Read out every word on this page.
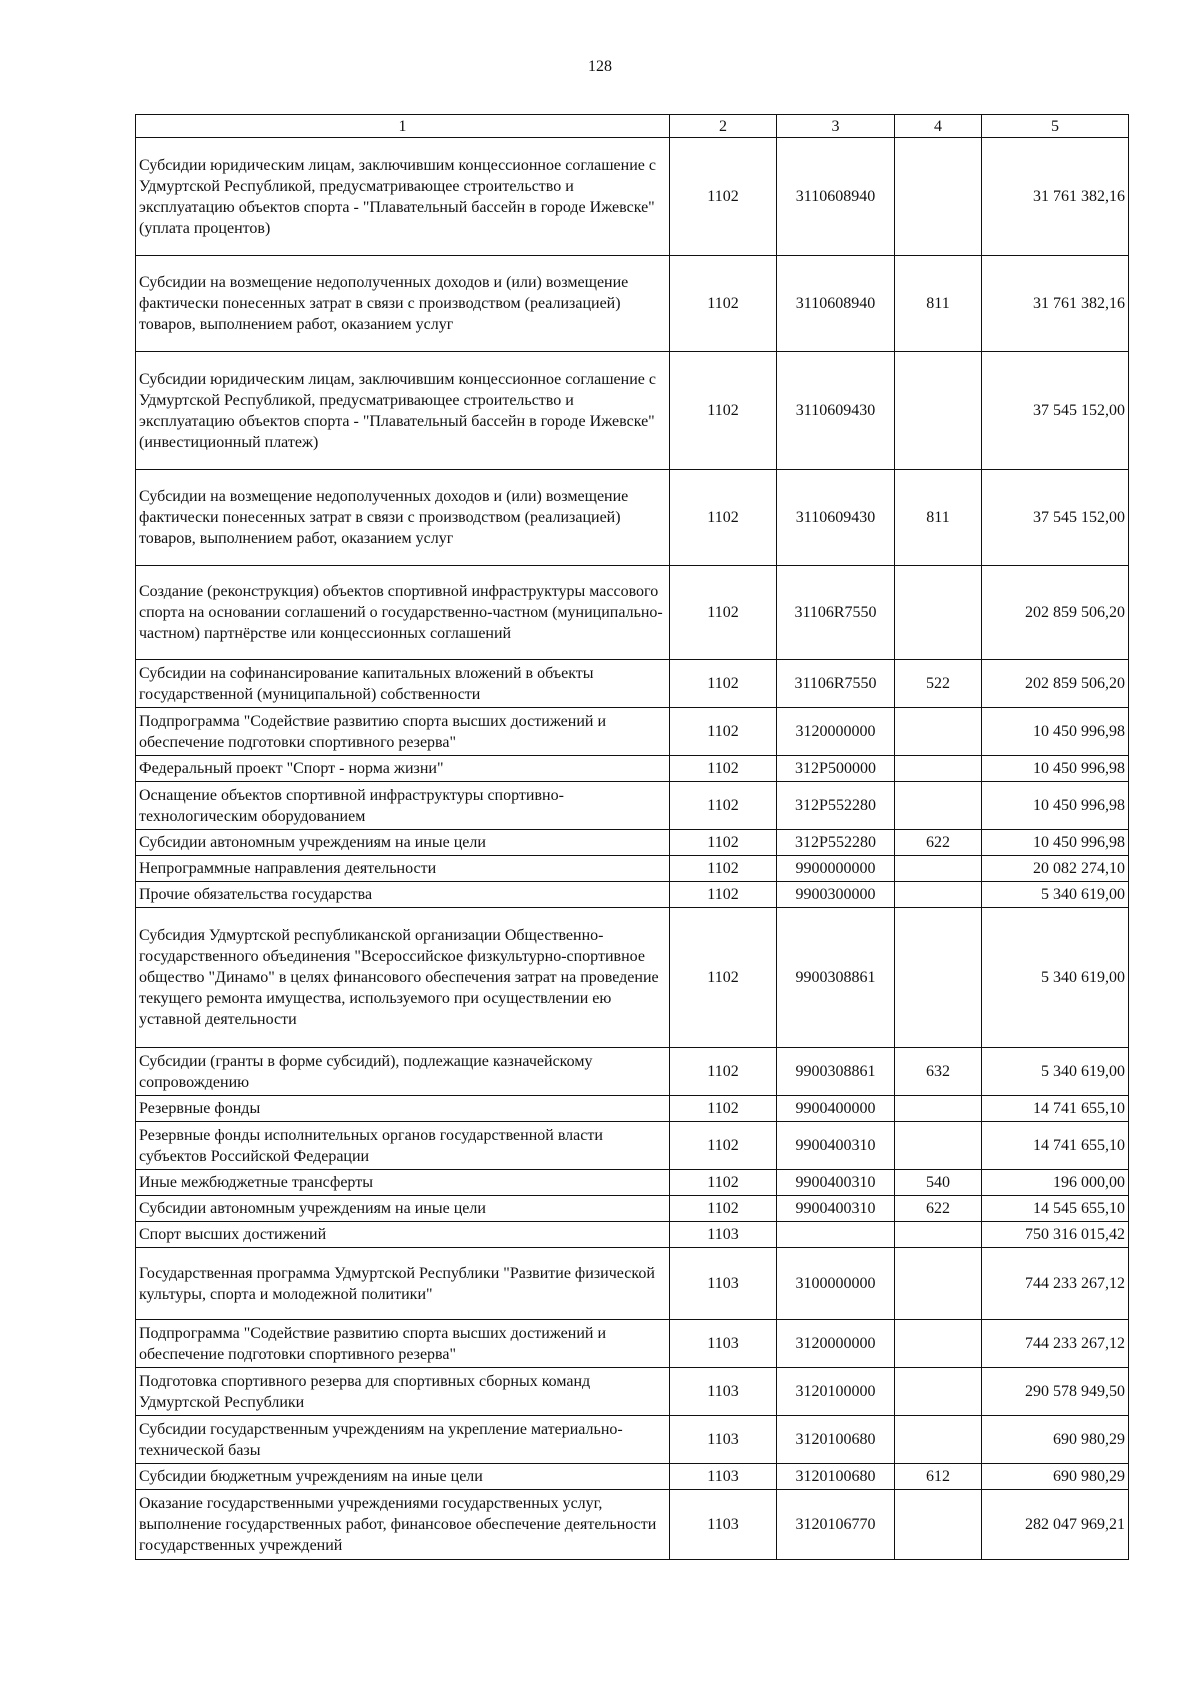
128
1	2	3	4	5
Субсидии юридическим лицам, заключившим концессионное соглашение с Удмуртской Республикой, предусматривающее строительство и эксплуатацию объектов спорта - "Плавательный бассейн в городе Ижевске" (уплата процентов)	1102	3110608940		31 761 382,16
Субсидии на возмещение недополученных доходов и (или) возмещение фактически понесенных затрат в связи с производством (реализацией) товаров, выполнением работ, оказанием услуг	1102	3110608940	811	31 761 382,16
Субсидии юридическим лицам, заключившим концессионное соглашение с Удмуртской Республикой, предусматривающее строительство и эксплуатацию объектов спорта - "Плавательный бассейн в городе Ижевске" (инвестиционный платеж)	1102	3110609430		37 545 152,00
Субсидии на возмещение недополученных доходов и (или) возмещение фактически понесенных затрат в связи с производством (реализацией) товаров, выполнением работ, оказанием услуг	1102	3110609430	811	37 545 152,00
Создание (реконструкция) объектов спортивной инфраструктуры массового спорта на основании соглашений о государственно-частном (муниципально-частном) партнёрстве или концессионных соглашений	1102	31106R7550		202 859 506,20
Субсидии на софинансирование капитальных вложений в объекты государственной (муниципальной) собственности	1102	31106R7550	522	202 859 506,20
Подпрограмма "Содействие развитию спорта высших достижений и обеспечение подготовки спортивного резерва"	1102	3120000000		10 450 996,98
Федеральный проект "Спорт - норма жизни"	1102	312P500000		10 450 996,98
Оснащение объектов спортивной инфраструктуры спортивно-технологическим оборудованием	1102	312P552280		10 450 996,98
Субсидии автономным учреждениям на иные цели	1102	312P552280	622	10 450 996,98
Непрограммные направления деятельности	1102	9900000000		20 082 274,10
Прочие обязательства государства	1102	9900300000		5 340 619,00
Субсидия Удмуртской республиканской организации Общественно-государственного объединения "Всероссийское физкультурно-спортивное общество "Динамо" в целях финансового обеспечения затрат на проведение текущего ремонта имущества, используемого при осуществлении ею уставной деятельности	1102	9900308861		5 340 619,00
Субсидии (гранты в форме субсидий), подлежащие казначейскому сопровождению	1102	9900308861	632	5 340 619,00
Резервные фонды	1102	9900400000		14 741 655,10
Резервные фонды исполнительных органов государственной власти субъектов Российской Федерации	1102	9900400310		14 741 655,10
Иные межбюджетные трансферты	1102	9900400310	540	196 000,00
Субсидии автономным учреждениям на иные цели	1102	9900400310	622	14 545 655,10
Спорт высших достижений	1103			750 316 015,42
Государственная программа Удмуртской Республики "Развитие физической культуры, спорта и молодежной политики"	1103	3100000000		744 233 267,12
Подпрограмма "Содействие развитию спорта высших достижений и обеспечение подготовки спортивного резерва"	1103	3120000000		744 233 267,12
Подготовка спортивного резерва для спортивных сборных команд Удмуртской Республики	1103	3120100000		290 578 949,50
Субсидии государственным учреждениям на укрепление материально-технической базы	1103	3120100680		690 980,29
Субсидии бюджетным учреждениям на иные цели	1103	3120100680	612	690 980,29
Оказание государственными учреждениями государственных услуг, выполнение государственных работ, финансовое обеспечение деятельности государственных учреждений	1103	3120106770		282 047 969,21
